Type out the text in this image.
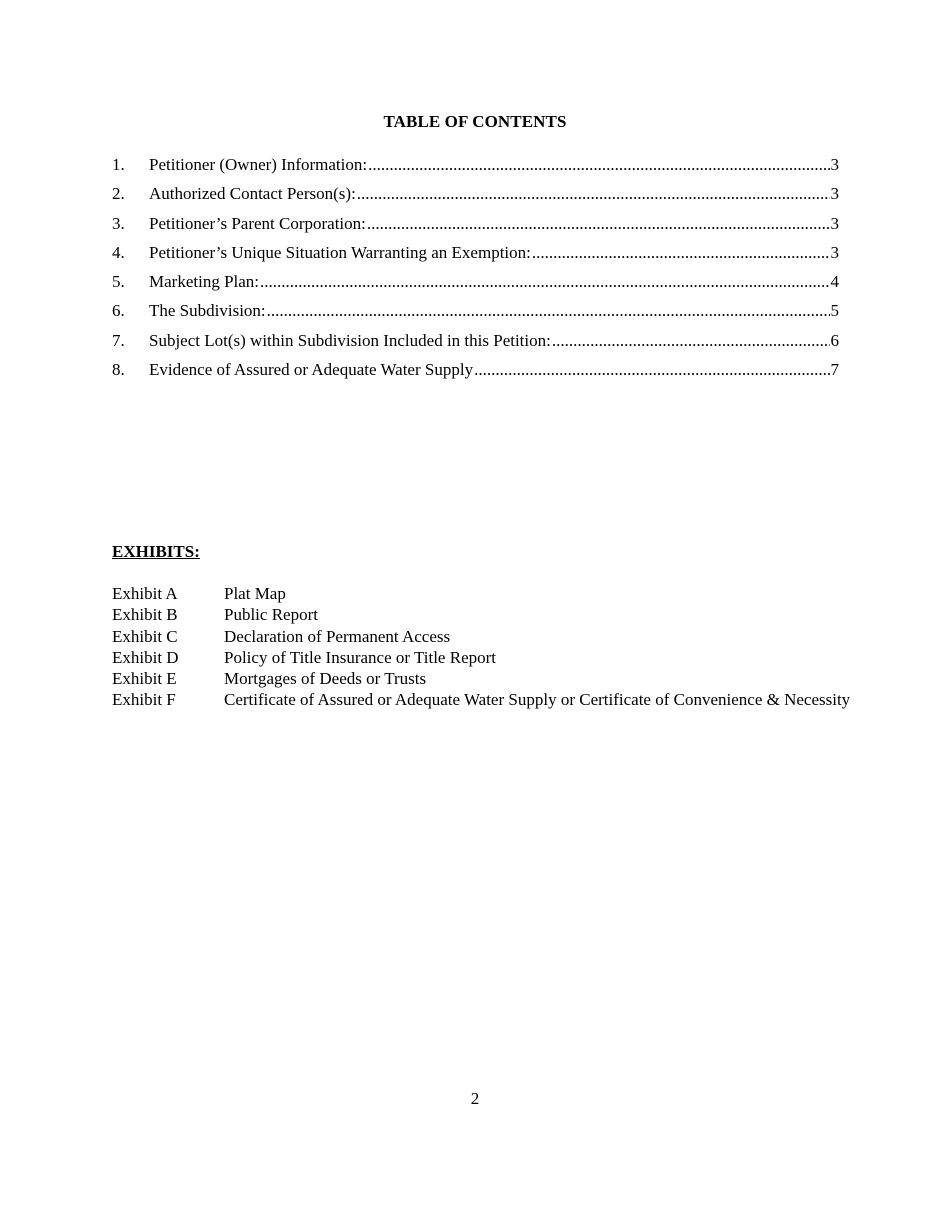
TABLE OF CONTENTS
1.	Petitioner (Owner) Information: .....	3
2.	Authorized Contact Person(s): .....	3
3.	Petitioner’s Parent Corporation: .....	3
4.	Petitioner’s Unique Situation Warranting an Exemption: .....	3
5.	Marketing Plan: .....	4
6.	The Subdivision: .....	5
7.	Subject Lot(s) within Subdivision Included in this Petition: .....	6
8.	Evidence of Assured or Adequate Water Supply .....	7
EXHIBITS:
Exhibit A	Plat Map
Exhibit B	Public Report
Exhibit C	Declaration of Permanent Access
Exhibit D	Policy of Title Insurance or Title Report
Exhibit E	Mortgages of Deeds or Trusts
Exhibit F	Certificate of Assured or Adequate Water Supply or Certificate of Convenience & Necessity
2
